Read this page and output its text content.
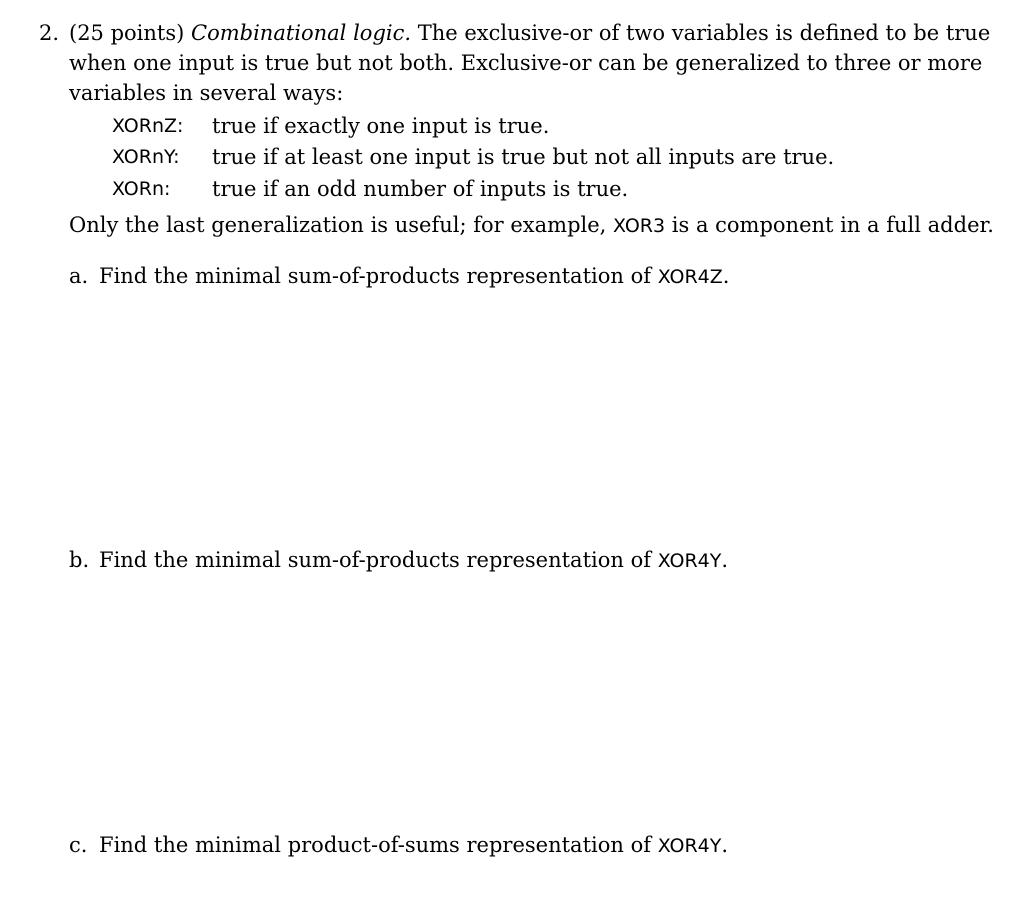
2. (25 points) Combinational logic. The exclusive-or of two variables is defined to be true
when one input is true but not both. Exclusive-or can be generalized to three or more
variables in several ways:
XORnZ: true if exactly one input is true.
XORnY: true if at least one input is true but not all inputs are true.
XORn: true if an odd number of inputs is true.
Only the last generalization is useful; for example, XOR3 is a component in a full adder.
a. Find the minimal sum-of-products representation of XOR4Z.
b. Find the minimal sum-of-products representation of XOR4Y.
c. Find the minimal product-of-sums representation of XOR4Y.
